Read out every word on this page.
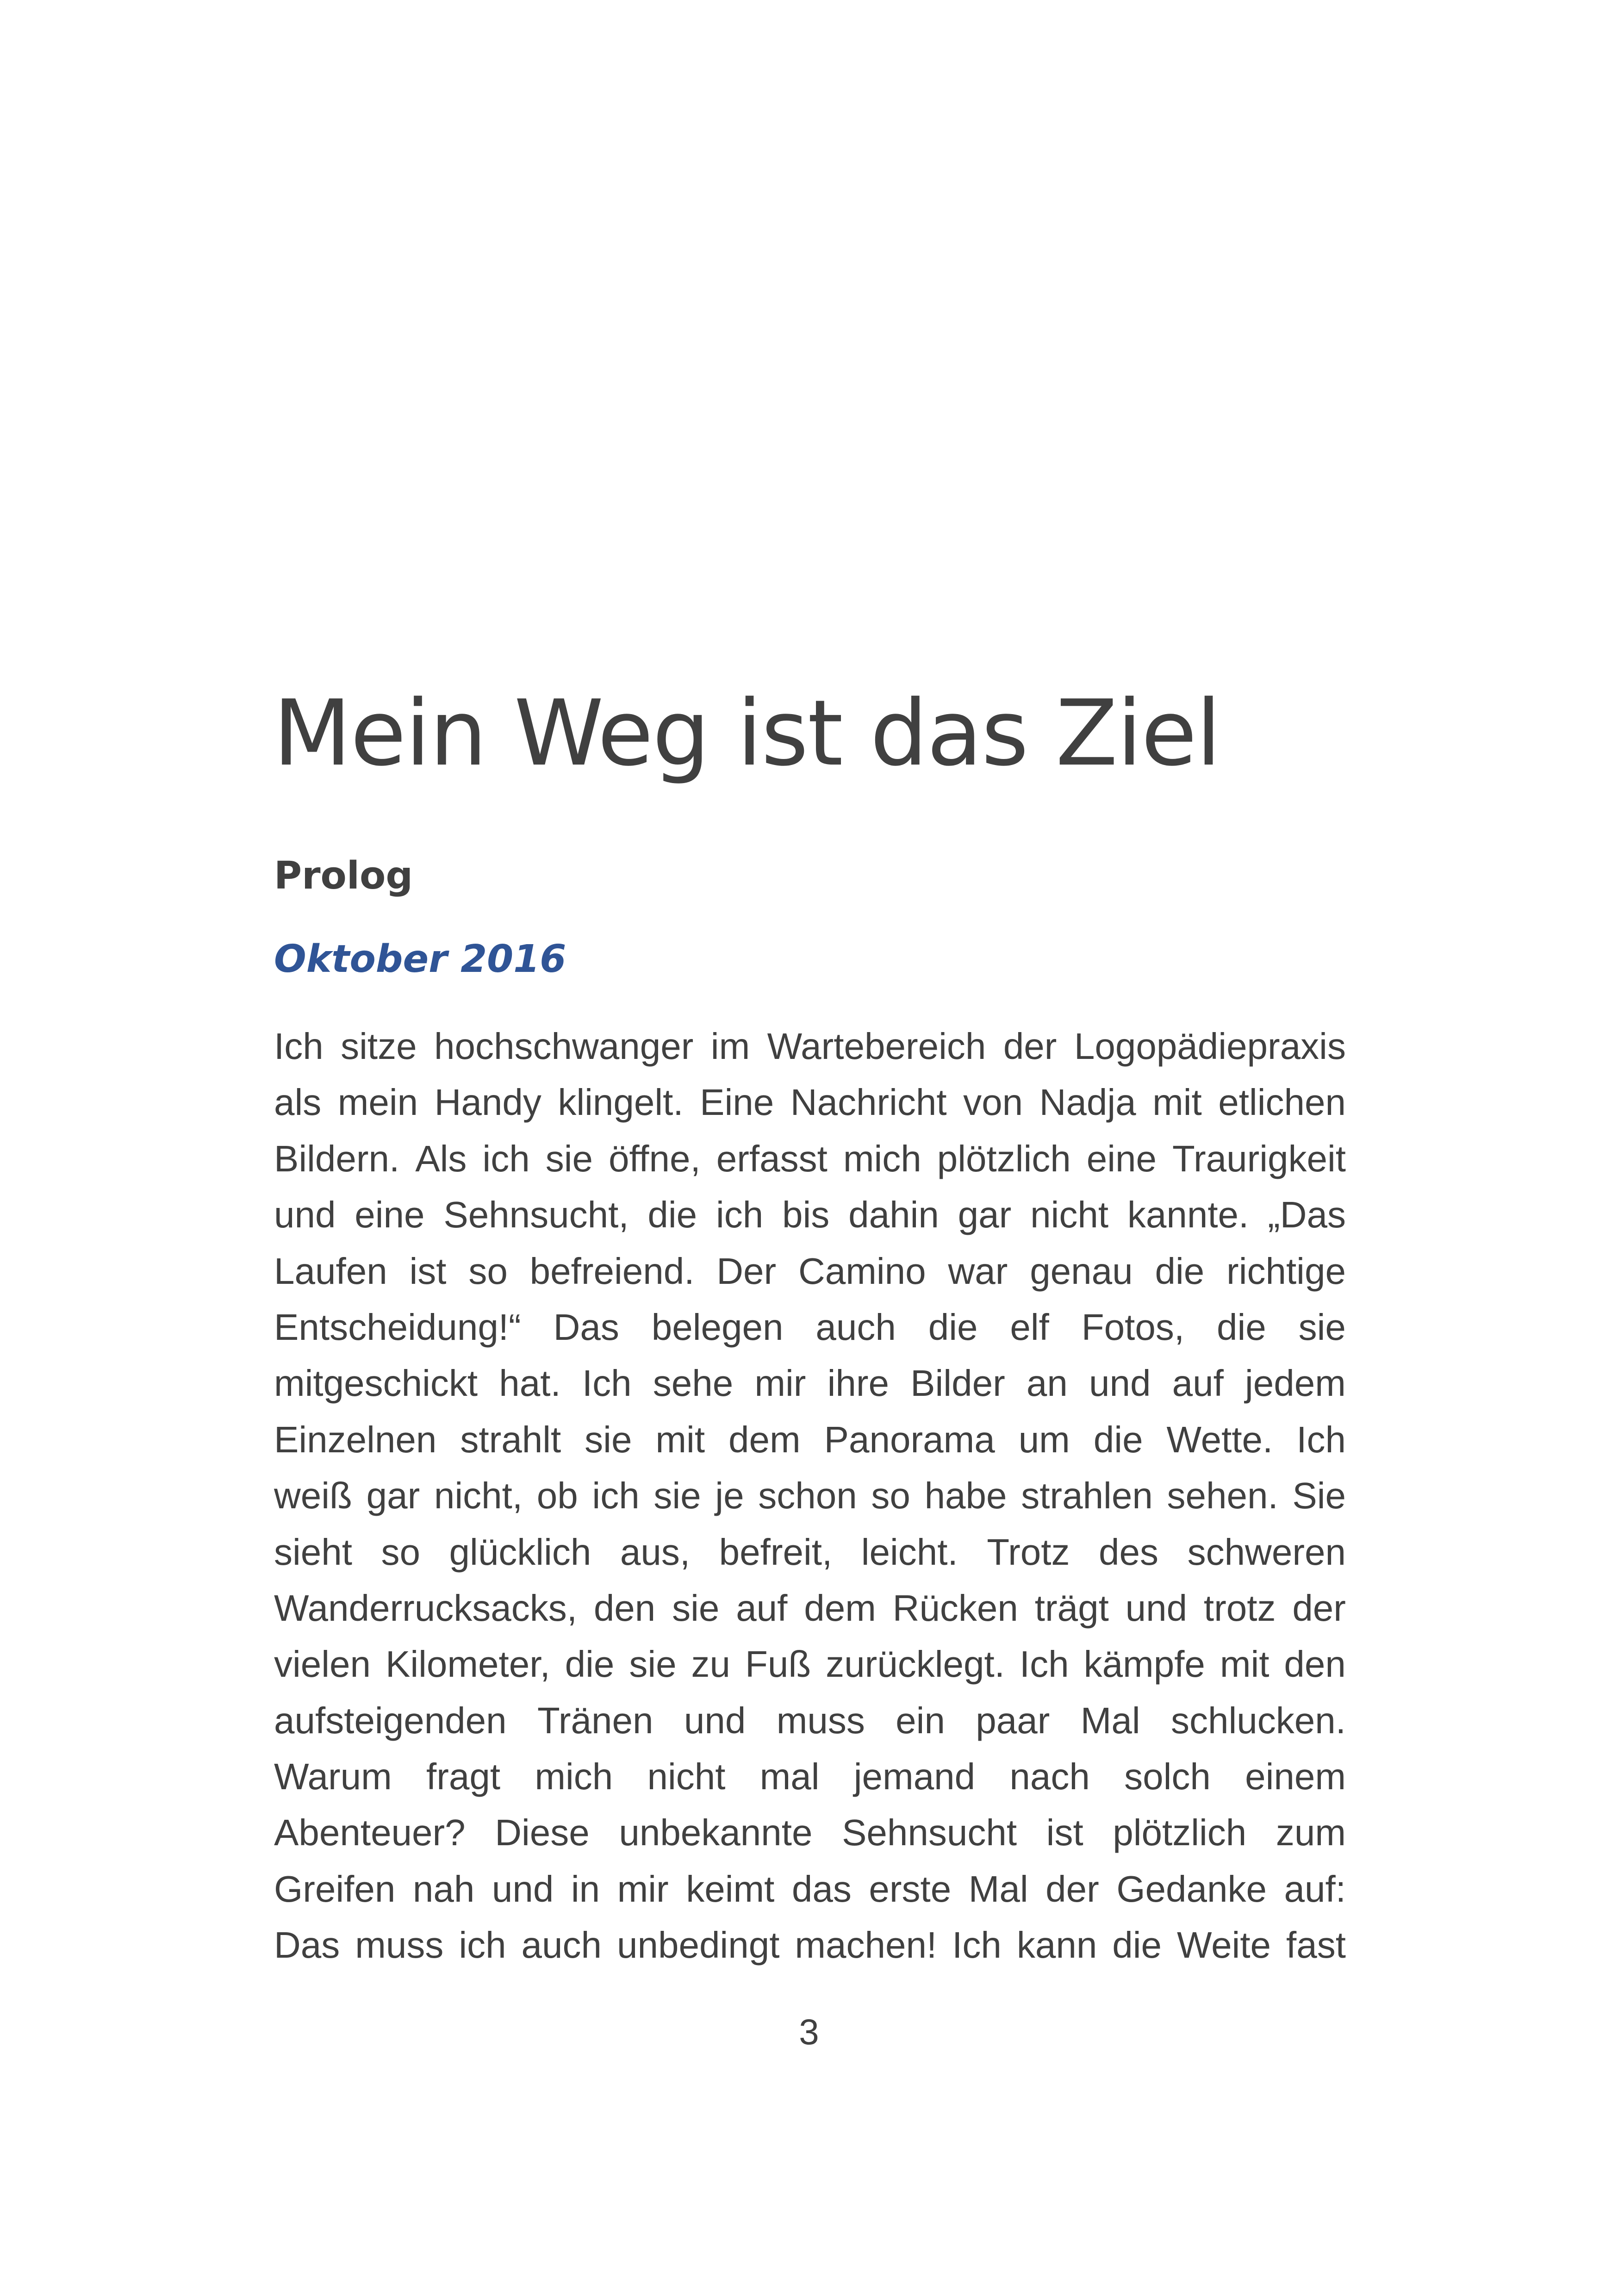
Mein Weg ist das Ziel
Prolog
Oktober 2016
Ich sitze hochschwanger im Wartebereich der Logopädiepraxis
als mein Handy klingelt. Eine Nachricht von Nadja mit etlichen
Bildern. Als ich sie öffne, erfasst mich plötzlich eine Traurigkeit
und eine Sehnsucht, die ich bis dahin gar nicht kannte. „Das
Laufen ist so befreiend. Der Camino war genau die richtige
Entscheidung!“ Das belegen auch die elf Fotos, die sie
mitgeschickt hat. Ich sehe mir ihre Bilder an und auf jedem
Einzelnen strahlt sie mit dem Panorama um die Wette. Ich
weiß gar nicht, ob ich sie je schon so habe strahlen sehen. Sie
sieht so glücklich aus, befreit, leicht. Trotz des schweren
Wanderrucksacks, den sie auf dem Rücken trägt und trotz der
vielen Kilometer, die sie zu Fuß zurücklegt. Ich kämpfe mit den
aufsteigenden Tränen und muss ein paar Mal schlucken.
Warum fragt mich nicht mal jemand nach solch einem
Abenteuer? Diese unbekannte Sehnsucht ist plötzlich zum
Greifen nah und in mir keimt das erste Mal der Gedanke auf:
Das muss ich auch unbedingt machen! Ich kann die Weite fast
3
